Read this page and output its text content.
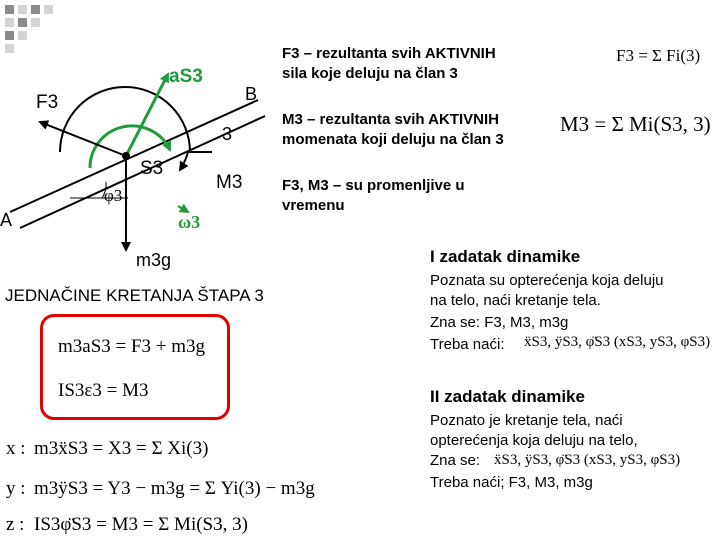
A
B
F3
aS3
3
S3
M3
φ3
ω3
m3g
F3 – rezultanta svih AKTIVNIH
sila koje deluju na član 3
M3 – rezultanta svih AKTIVNIH
momenata koji deluju na član 3
F3, M3 – su promenljive u
vremenu
F3 = Σ Fi(3)
M3 = Σ Mi(S3, 3)
JEDNAČINE KRETANJA ŠTAPA 3
m3aS3 = F3 + m3g
IS3ε3 = M3
x : m3ẍS3 = X3 = Σ Xi(3)
y : m3ÿS3 = Y3 − m3g = Σ Yi(3) − m3g
z : IS3φ̈S3 = M3 = Σ Mi(S3, 3)
I zadatak dinamike
Poznata su opterećenja koja deluju
na telo, naći kretanje tela.
Zna se: F3, M3, m3g
Treba naći: ẍS3, ÿS3, φ̈S3 (xS3, yS3, φS3)
II zadatak dinamike
Poznato je kretanje tela, naći
opterećenja koja deluju na telo,
Zna se: ẍS3, ÿS3, φ̈S3 (xS3, yS3, φS3)
Treba naći; F3, M3, m3g
